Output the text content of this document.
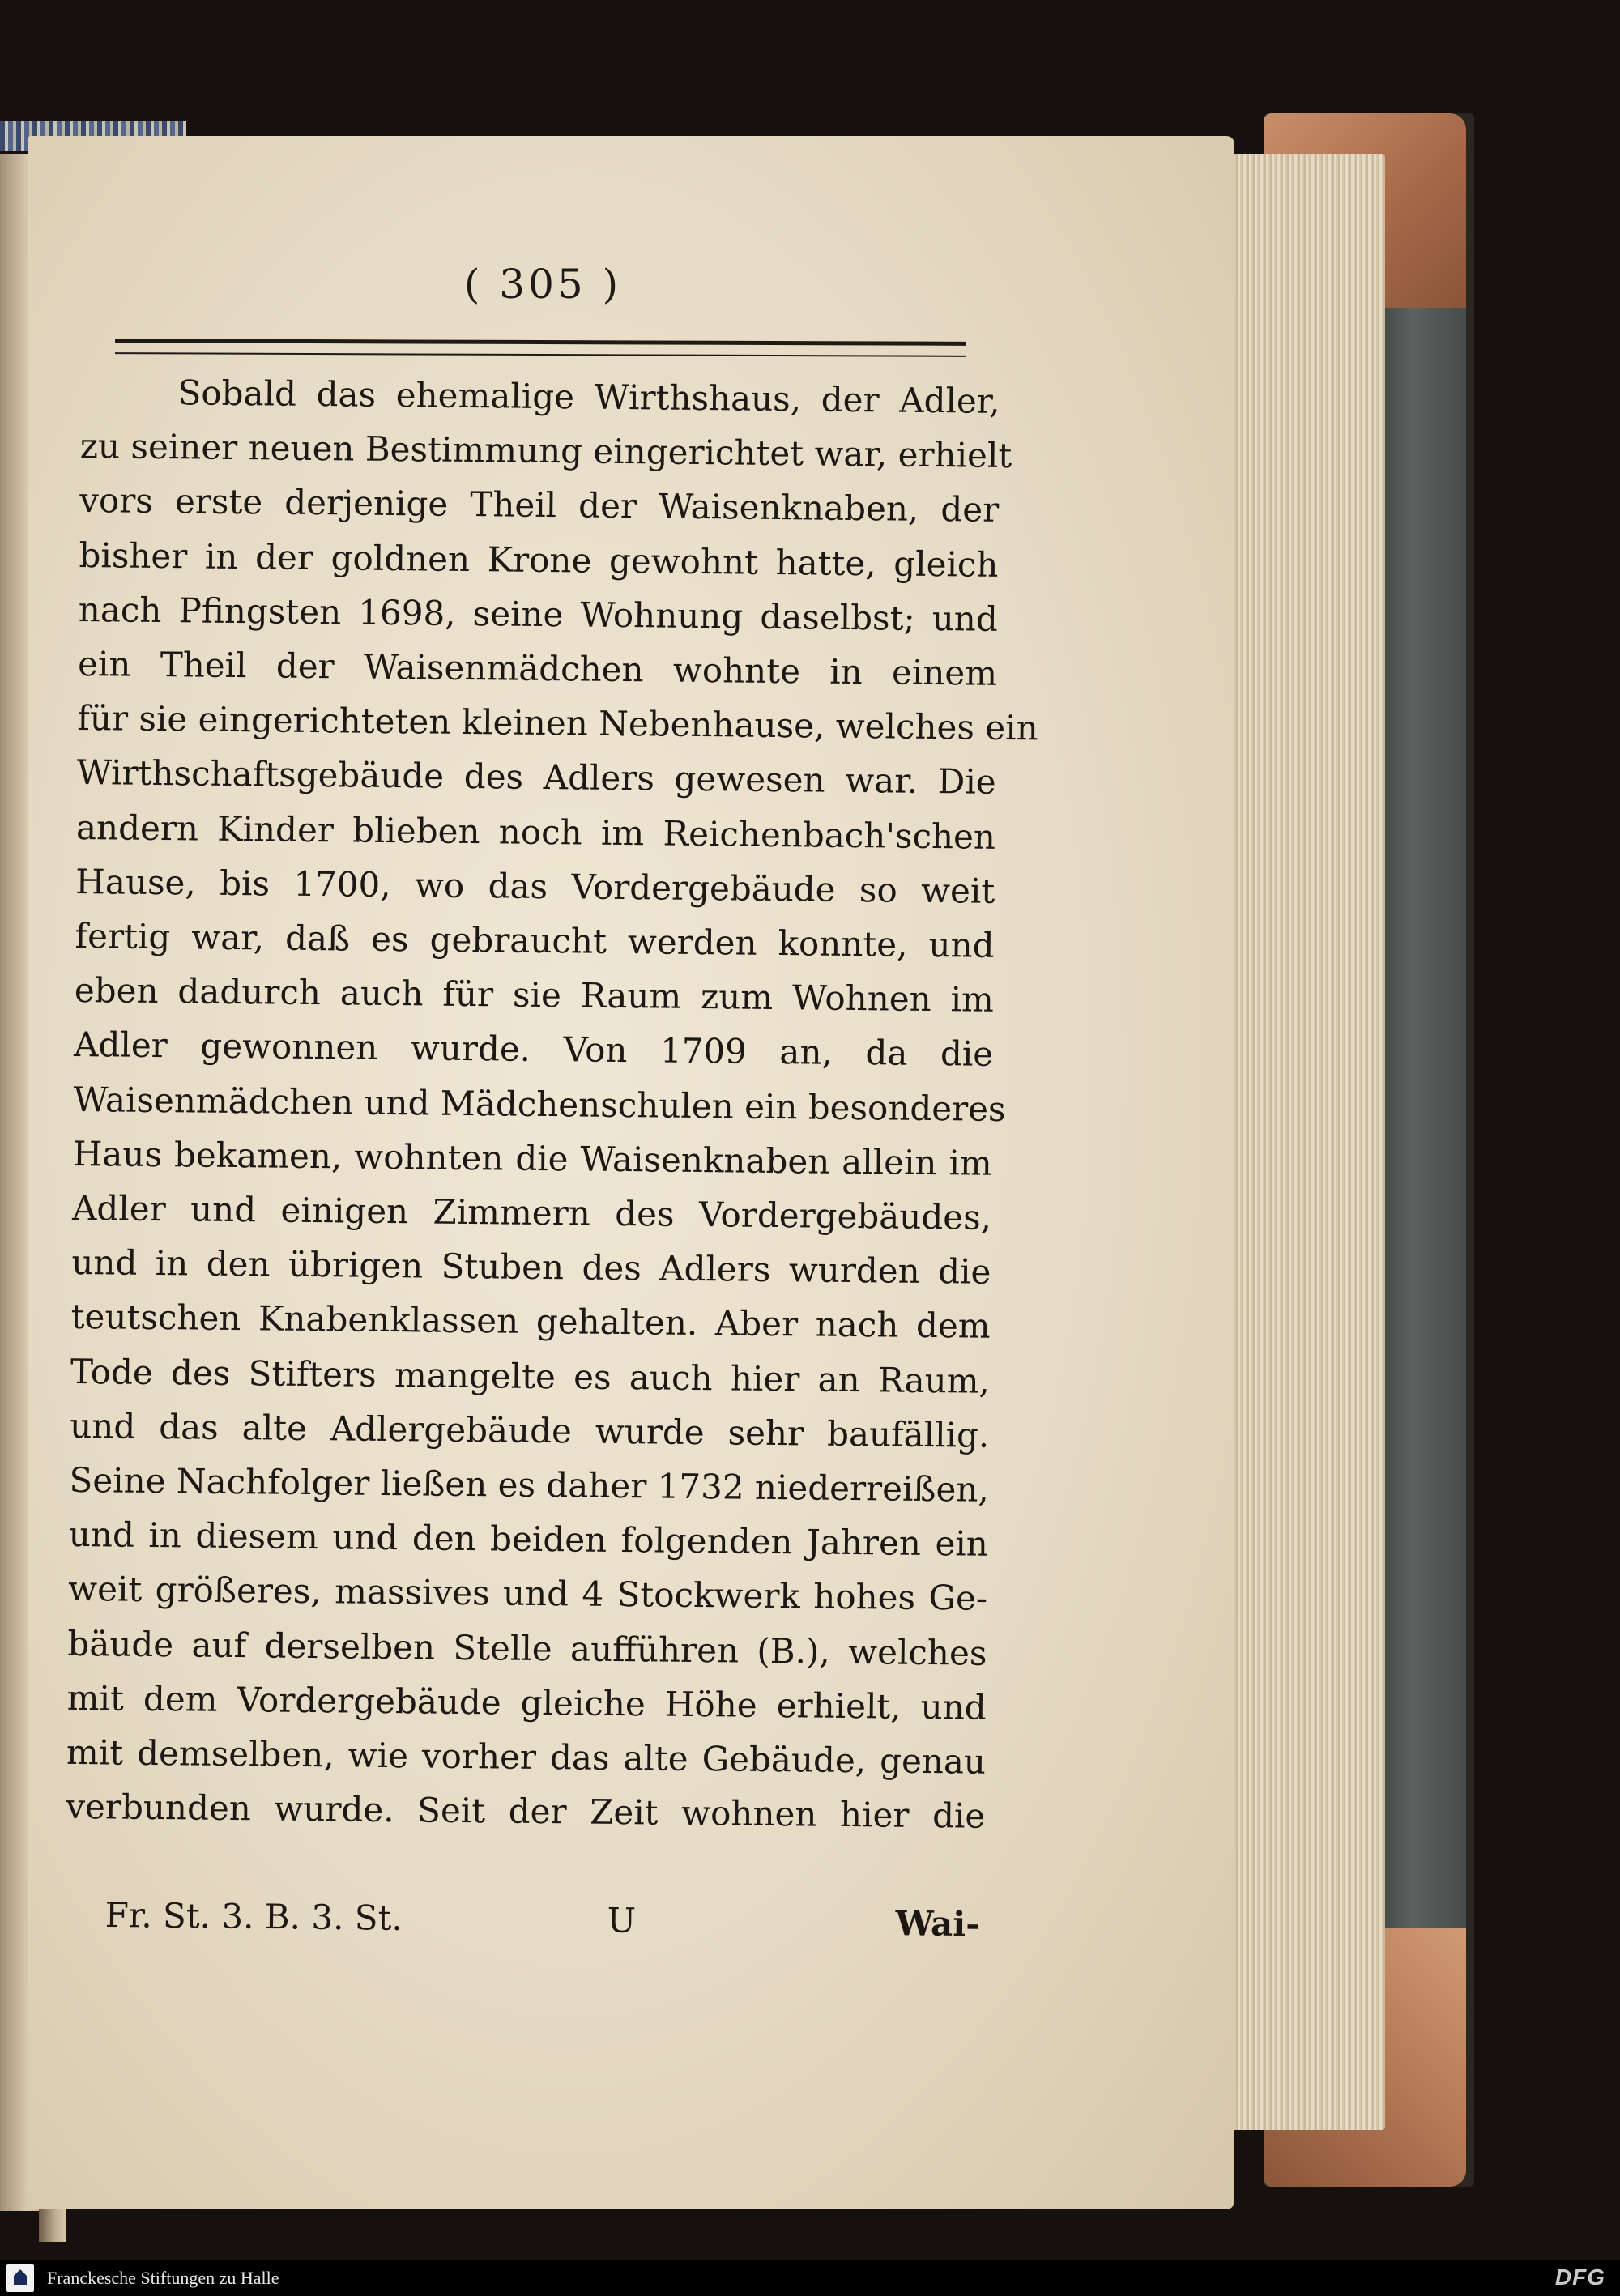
( 305 )
Sobald das ehemalige Wirthshaus, der Adler,
zu seiner neuen Bestimmung eingerichtet war, erhielt
vors erste derjenige Theil der Waisenknaben, der
bisher in der goldnen Krone gewohnt hatte, gleich
nach Pfingsten 1698, seine Wohnung daselbst; und
ein Theil der Waisenmädchen wohnte in einem
für sie eingerichteten kleinen Nebenhause, welches ein
Wirthschaftsgebäude des Adlers gewesen war. Die
andern Kinder blieben noch im Reichenbach'schen
Hause, bis 1700, wo das Vordergebäude so weit
fertig war, daß es gebraucht werden konnte, und
eben dadurch auch für sie Raum zum Wohnen im
Adler gewonnen wurde. Von 1709 an, da die
Waisenmädchen und Mädchenschulen ein besonderes
Haus bekamen, wohnten die Waisenknaben allein im
Adler und einigen Zimmern des Vordergebäudes,
und in den übrigen Stuben des Adlers wurden die
teutschen Knabenklassen gehalten. Aber nach dem
Tode des Stifters mangelte es auch hier an Raum,
und das alte Adlergebäude wurde sehr baufällig.
Seine Nachfolger ließen es daher 1732 niederreißen,
und in diesem und den beiden folgenden Jahren ein
weit größeres, massives und 4 Stockwerk hohes Ge-
bäude auf derselben Stelle aufführen (B.), welches
mit dem Vordergebäude gleiche Höhe erhielt, und
mit demselben, wie vorher das alte Gebäude, genau
verbunden wurde. Seit der Zeit wohnen hier die
Fr. St. 3. B. 3. St.	U	Wai-
Franckesche Stiftungen zu Halle	DFG
